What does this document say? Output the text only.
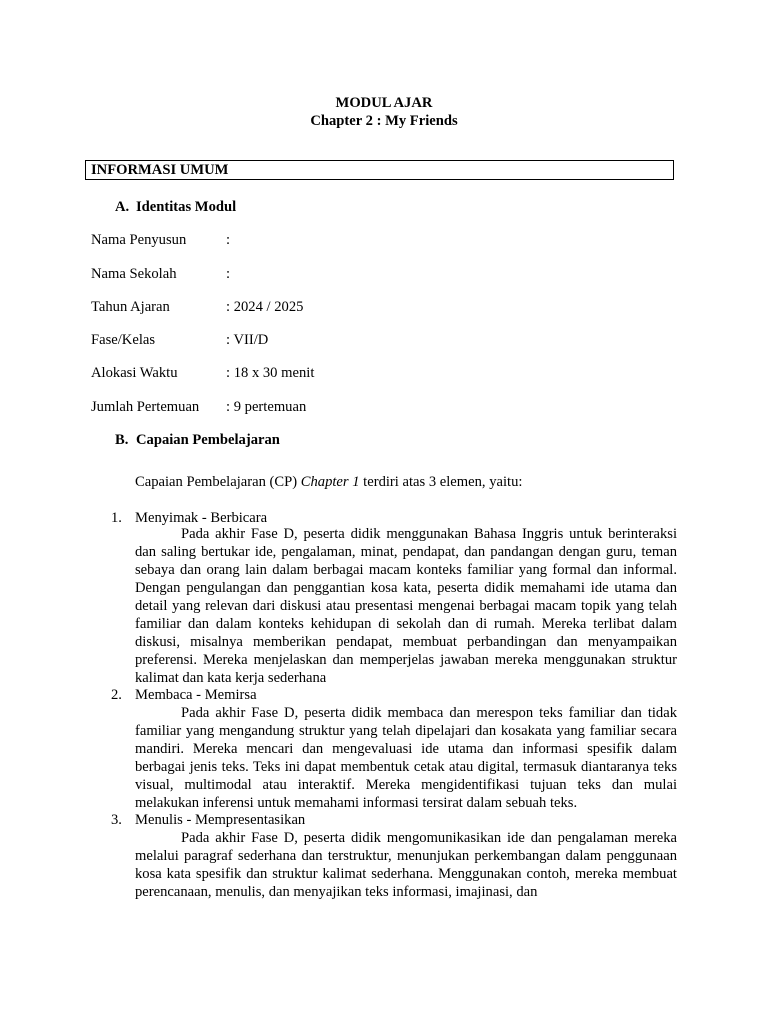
MODUL AJAR
Chapter 2 : My Friends
INFORMASI UMUM
A. Identitas Modul
Nama Penyusun	:
Nama Sekolah	:
Tahun Ajaran	: 2024 / 2025
Fase/Kelas	: VII/D
Alokasi Waktu	: 18 x 30 menit
Jumlah Pertemuan : 9 pertemuan
B. Capaian Pembelajaran
Capaian Pembelajaran (CP) Chapter 1 terdiri atas 3 elemen, yaitu:
1. Menyimak - Berbicara
Pada akhir Fase D, peserta didik menggunakan Bahasa Inggris untuk berinteraksi dan saling bertukar ide, pengalaman, minat, pendapat, dan pandangan dengan guru, teman sebaya dan orang lain dalam berbagai macam konteks familiar yang formal dan informal. Dengan pengulangan dan penggantian kosa kata, peserta didik memahami ide utama dan detail yang relevan dari diskusi atau presentasi mengenai berbagai macam topik yang telah familiar dan dalam konteks kehidupan di sekolah dan di rumah. Mereka terlibat dalam diskusi, misalnya memberikan pendapat, membuat perbandingan dan menyampaikan preferensi. Mereka menjelaskan dan memperjelas jawaban mereka menggunakan struktur kalimat dan kata kerja sederhana
2. Membaca - Memirsa
Pada akhir Fase D, peserta didik membaca dan merespon teks familiar dan tidak familiar yang mengandung struktur yang telah dipelajari dan kosakata yang familiar secara mandiri. Mereka mencari dan mengevaluasi ide utama dan informasi spesifik dalam berbagai jenis teks. Teks ini dapat membentuk cetak atau digital, termasuk diantaranya teks visual, multimodal atau interaktif. Mereka mengidentifikasi tujuan teks dan mulai melakukan inferensi untuk memahami informasi tersirat dalam sebuah teks.
3. Menulis - Mempresentasikan
Pada akhir Fase D, peserta didik mengomunikasikan ide dan pengalaman mereka melalui paragraf sederhana dan terstruktur, menunjukan perkembangan dalam penggunaan kosa kata spesifik dan struktur kalimat sederhana. Menggunakan contoh, mereka membuat perencanaan, menulis, dan menyajikan teks informasi, imajinasi, dan
